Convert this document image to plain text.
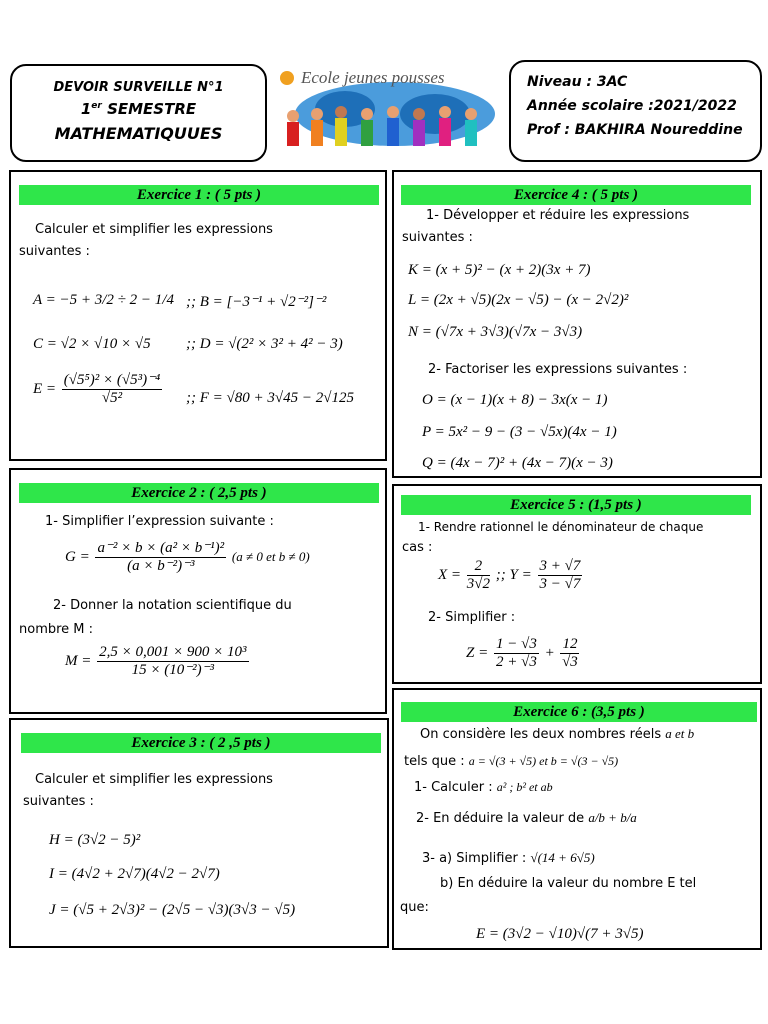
DEVOIR SURVEILLE N°1
1er SEMESTRE
MATHEMATIQUUES
Ecole jeunes pousses	Niveau : 3AC
Année scolaire :2021/2022
Prof : BAKHIRA Noureddine
Exercice 1 : ( 5 pts )
Calculer et simplifier les expressions
suivantes :
A = −5 + 3/2 ÷ 2 − 1/4 ;; B = [−3⁻¹ + √2⁻²]⁻²
C = √2 × √10 × √5 ;; D = √(2² × 3² + 4² − 3)
$E = \frac{\text{(√5⁵)² × (√5³)⁻⁴}}{\text{√5²}}$ ;; F = √80 + 3√45 − 2√125
Exercice 2 : ( 2,5 pts )
1- Simplifier l’expression suivante :
$G = \frac{\text{a⁻² × b × (a² × b⁻¹)²}}{\text{(a × b⁻²)⁻³}} (a \ne 0$ et b ≠ 0)
2- Donner la notation scientifique du
nombre M :
$M = \frac{\text{2,5 × 0,001 × 900 × 10³}}{\text{15 × (10⁻²)⁻³}}$
Exercice 3 : ( 2 ,5 pts )
Calculer et simplifier les expressions
suivantes :
H = (3√2 − 5)²
I = (4√2 + 2√7)(4√2 − 2√7)
J = (√5 + 2√3)² − (2√5 − √3)(3√3 − √5)
Exercice 4 : ( 5 pts )
1- Développer et réduire les expressions
suivantes :
K = (x + 5)² − (x + 2)(3x + 7)
L = (2x + √5)(2x − √5) − (x − 2√2)²
N = (√7x + 3√3)(√7x − 3√3)
2- Factoriser les expressions suivantes :
O = (x − 1)(x + 8) − 3x(x − 1)
P = 5x² − 9 − (3 − √5x)(4x − 1)
Q = (4x − 7)² + (4x − 7)(x − 3)
Exercice 5 : (1,5 pts )
1- Rendre rationnel le dénominateur de chaque
cas :
$X = \frac{2}{3√2}$ ;; $Y = \frac{3 + √7}{3 - √7}$
2- Simplifier :
$Z = \frac{1 - √3}{2 + √3} + \frac{12}{√3}$
Exercice 6 : (3,5 pts )
On considère les deux nombres réels a et b
tels que : a = √(3 + √5) et b = √(3 − √5)
1- Calculer : a² ; b² et ab
2- En déduire la valeur de a/b + b/a
3- a) Simplifier : √(14 + 6√5)
b) En déduire la valeur du nombre E tel
que:
E = (3√2 − √10)√(7 + 3√5)
